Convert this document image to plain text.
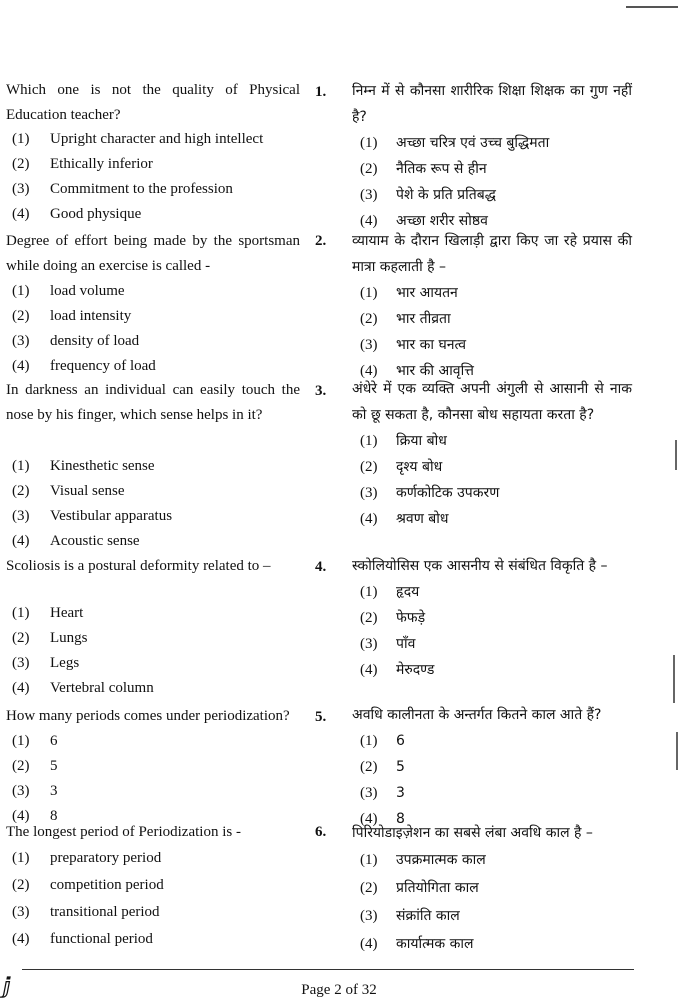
Which one is not the quality of Physical Education teacher?
(1)	Upright character and high intellect
(2)	Ethically inferior
(3)	Commitment to the profession
(4)	Good physique
1. निम्न में से कौनसा शारीरिक शिक्षा शिक्षक का गुण नहीं है?
(1)	अच्छा चरित्र एवं उच्च बुद्धिमता
(2)	नैतिक रूप से हीन
(3)	पेशे के प्रति प्रतिबद्ध
(4)	अच्छा शरीर सोष्ठव
Degree of effort being made by the sportsman while doing an exercise is called -
(1)	load volume
(2)	load intensity
(3)	density of load
(4)	frequency of load
2. व्यायाम के दौरान खिलाड़ी द्वारा किए जा रहे प्रयास की मात्रा कहलाती है –
(1)	भार आयतन
(2)	भार तीव्रता
(3)	भार का घनत्व
(4)	भार की आवृत्ति
In darkness an individual can easily touch the nose by his finger, which sense helps in it?
(1)	Kinesthetic sense
(2)	Visual sense
(3)	Vestibular apparatus
(4)	Acoustic sense
3. अंधेरे में एक व्यक्ति अपनी अंगुली से आसानी से नाक को छू सकता है, कौनसा बोध सहायता करता है?
(1)	क्रिया बोध
(2)	दृश्य बोध
(3)	कर्णकोटिक उपकरण
(4)	श्रवण बोध
Scoliosis is a postural deformity related to –
(1)	Heart
(2)	Lungs
(3)	Legs
(4)	Vertebral column
4. स्कोलियोसिस एक आसनीय से संबंधित विकृति है –
(1)	हृदय
(2)	फेफड़े
(3)	पाँव
(4)	मेरुदण्ड
How many periods comes under periodization?
(1)	6
(2)	5
(3)	3
(4)	8
5. अवधि कालीनता के अन्तर्गत कितने काल आते हैं?
(1)	6
(2)	5
(3)	3
(4)	8
The longest period of Periodization is -
(1)	preparatory period
(2)	competition period
(3)	transitional period
(4)	functional period
6. पिरियोडाइज़ेशन का सबसे लंबा अवधि काल है –
(1)	उपक्रमात्मक काल
(2)	प्रतियोगिता काल
(3)	संक्रांति काल
(4)	कार्यात्मक काल
ⅉ	Page 2 of 32
